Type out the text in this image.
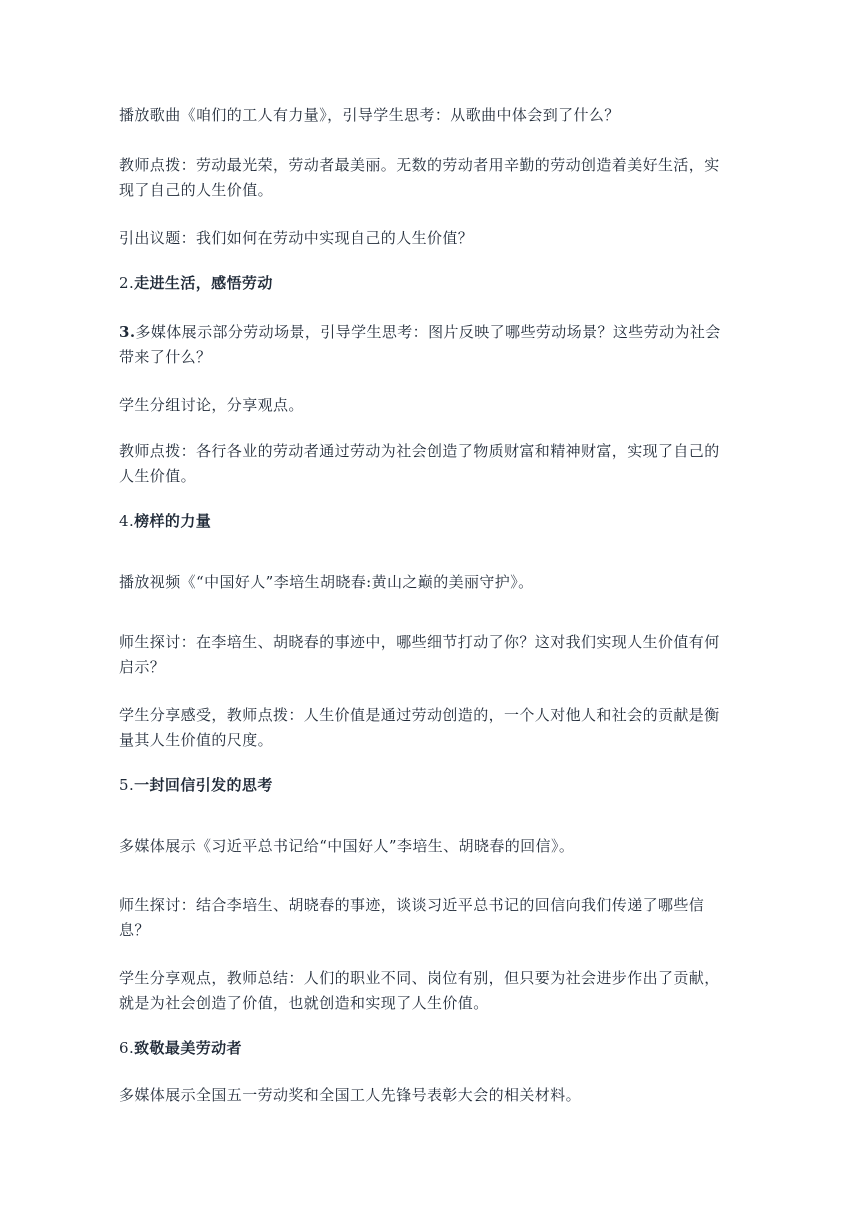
播放歌曲《咱们的工人有力量》，引导学生思考：从歌曲中体会到了什么？

教师点拨：劳动最光荣，劳动者最美丽。无数的劳动者用辛勤的劳动创造着美好生活，实现了自己的人生价值。

引出议题：我们如何在劳动中实现自己的人生价值？

2.走进生活，感悟劳动

3.多媒体展示部分劳动场景，引导学生思考：图片反映了哪些劳动场景？这些劳动为社会带来了什么？

学生分组讨论，分享观点。

教师点拨：各行各业的劳动者通过劳动为社会创造了物质财富和精神财富，实现了自己的人生价值。

4.榜样的力量

播放视频《“中国好人”李培生胡晓春:黄山之巅的美丽守护》。

师生探讨：在李培生、胡晓春的事迹中，哪些细节打动了你？这对我们实现人生价值有何启示？

学生分享感受，教师点拨：人生价值是通过劳动创造的，一个人对他人和社会的贡献是衡量其人生价值的尺度。

5.一封回信引发的思考

多媒体展示《习近平总书记给“中国好人”李培生、胡晓春的回信》。

师生探讨：结合李培生、胡晓春的事迹，谈谈习近平总书记的回信向我们传递了哪些信息？

学生分享观点，教师总结：人们的职业不同、岗位有别，但只要为社会进步作出了贡献，就是为社会创造了价值，也就创造和实现了人生价值。

6.致敬最美劳动者

多媒体展示全国五一劳动奖和全国工人先锋号表彰大会的相关材料。
